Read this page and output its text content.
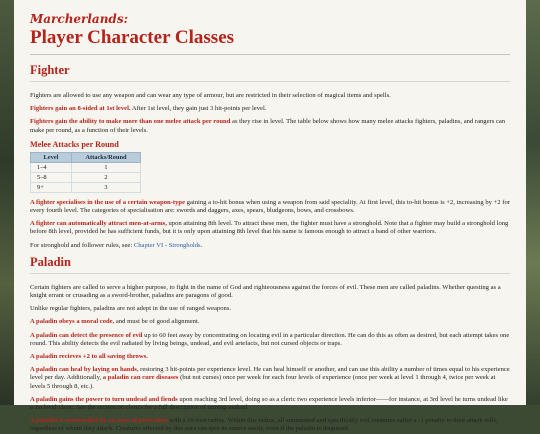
Marcherlands:
Player Character Classes
Fighter

Fighters are allowed to use any weapon and can wear any type of armour, but are restricted in their selection of magical items and spells.

Fighters gain an 8-sided at 1st level. After 1st level, they gain just 3 hit-points per level.

Fighters gain the ability to make more than one melee attack per round as they rise in level. The table below shows how many melee attacks fighters, paladins, and rangers can make per round, as a function of their levels.

Melee Attacks per Round
Level	Attacks/Round
1–4	1
5–8	2
9+	3

A fighter specialises in the use of a certain weapon-type gaining a to-hit bonus when using a weapon from said speciality. At first level, this to-hit bonus is +2, increasing by +2 for every fourth level. The categories of specialisation are: swords and daggers, axes, spears, bludgeons, bows, and crossbows.

A fighter can automatically attract men-at-arms, upon attaining 8th level. To attract these men, the fighter must have a stronghold. Note that a fighter may build a stronghold long before 8th level, provided he has sufficient funds, but it is only upon attaining 8th level that his name is famous enough to attract a band of other warriors.

For stronghold and follower rules, see: Chapter VI - Strongholds.

Paladin

Certain fighters are called to serve a higher purpose, to fight in the name of God and righteousness against the forces of evil. These men are called paladins. Whether questing as a knight errant or crusading as a sword-brother, paladins are paragons of good.

Unlike regular fighters, paladins are not adept in the use of ranged weapons.

A paladin obeys a moral code, and must be of good alignment.

A paladin can detect the presence of evil up to 60 feet away by concentrating on locating evil in a particular direction. He can do this as often as desired, but each attempt takes one round. This ability detects the evil radiated by living beings, undead, and evil artefacts, but not cursed objects or traps.

A paladin recieves +2 to all saving throws.

A paladin can heal by laying on hands, restoring 3 hit-points per experience level. He can heal himself or another, and can use this ability a number of times equal to his experience level per day. Additionally, a paladin can cure diseases (but not curses) once per week for each four levels of experience (once per week at level 1 through 4, twice per week at levels 5 through 8, etc.).

A paladin gains the power to turn undead and fiends upon reaching 3rd level, doing so as a cleric two experience levels inferior——for instance, at 3rd level he turns undead like a 1st level cleric. See the section on clerics for a full description of turning undead.

A paladin is surrounded by an aura of protection with a 10-foot radius. Within this radius, all summoned and specifically evil creatures suffer a -1 penalty to their attack rolls, regardless of whom they attack. Creatures affected by this aura can spot its source easily, even if the paladin is disguised.
